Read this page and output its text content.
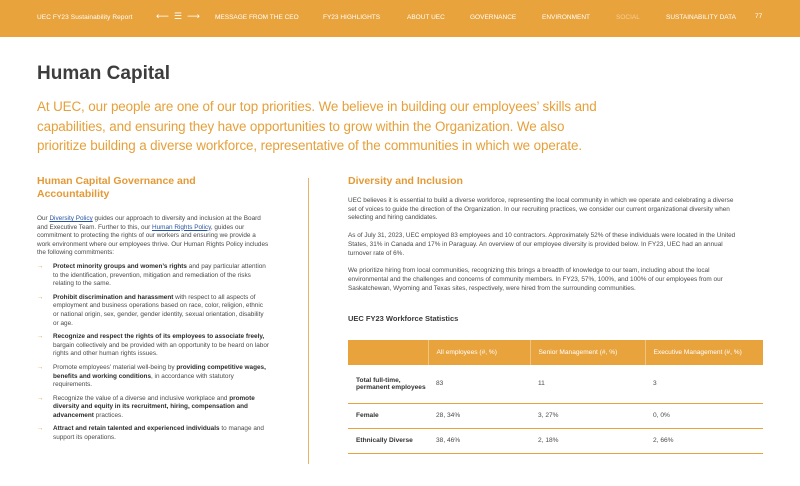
UEC FY23 Sustainability Report	⟵ ☰ ⟶ MESSAGE FROM THE CEO	FY23 HIGHLIGHTS	ABOUT UEC	GOVERNANCE	ENVIRONMENT	SOCIAL	SUSTAINABILITY DATA	77
Human Capital
At UEC, our people are one of our top priorities. We believe in building our employees’ skills and capabilities, and ensuring they have opportunities to grow within the Organization. We also prioritize building a diverse workforce, representative of the communities in which we operate.
Human Capital Governance and Accountability

Our Diversity Policy guides our approach to diversity and inclusion at the Board and Executive Team. Further to this, our Human Rights Policy, guides our commitment to protecting the rights of our workers and ensuring we provide a work environment where our employees thrive. Our Human Rights Policy includes the following commitments:

→ Protect minority groups and women’s rights and pay particular attention to the identification, prevention, mitigation and remediation of the risks relating to the same.
→ Prohibit discrimination and harassment with respect to all aspects of employment and business operations based on race, color, religion, ethnic or national origin, sex, gender, gender identity, sexual orientation, disability or age.
→ Recognize and respect the rights of its employees to associate freely, bargain collectively and be provided with an opportunity to be heard on labor rights and other human rights issues.
→ Promote employees’ material well-being by providing competitive wages, benefits and working conditions, in accordance with statutory requirements.
→ Recognize the value of a diverse and inclusive workplace and promote diversity and equity in its recruitment, hiring, compensation and advancement practices.
→ Attract and retain talented and experienced individuals to manage and support its operations.
Diversity and Inclusion

UEC believes it is essential to build a diverse workforce, representing the local community in which we operate and celebrating a diverse set of voices to guide the direction of the Organization. In our recruiting practices, we consider our current organizational diversity when selecting and hiring candidates.

As of July 31, 2023, UEC employed 83 employees and 10 contractors. Approximately 52% of these individuals were located in the United States, 31% in Canada and 17% in Paraguay. An overview of our employee diversity is provided below. In FY23, UEC had an annual turnover rate of 6%.

We prioritize hiring from local communities, recognizing this brings a breadth of knowledge to our team, including about the local environmental and the challenges and concerns of community members. In FY23, 57%, 100%, and 100% of our employees from our Saskatchewan, Wyoming and Texas sites, respectively, were hired from the surrounding communities.

UEC FY23 Workforce Statistics
	All employees (#, %)	Senior Management (#, %)	Executive Management (#, %)
Total full-time, permanent employees	83	11	3
Female	28, 34%	3, 27%	0, 0%
Ethnically Diverse	38, 46%	2, 18%	2, 66%
